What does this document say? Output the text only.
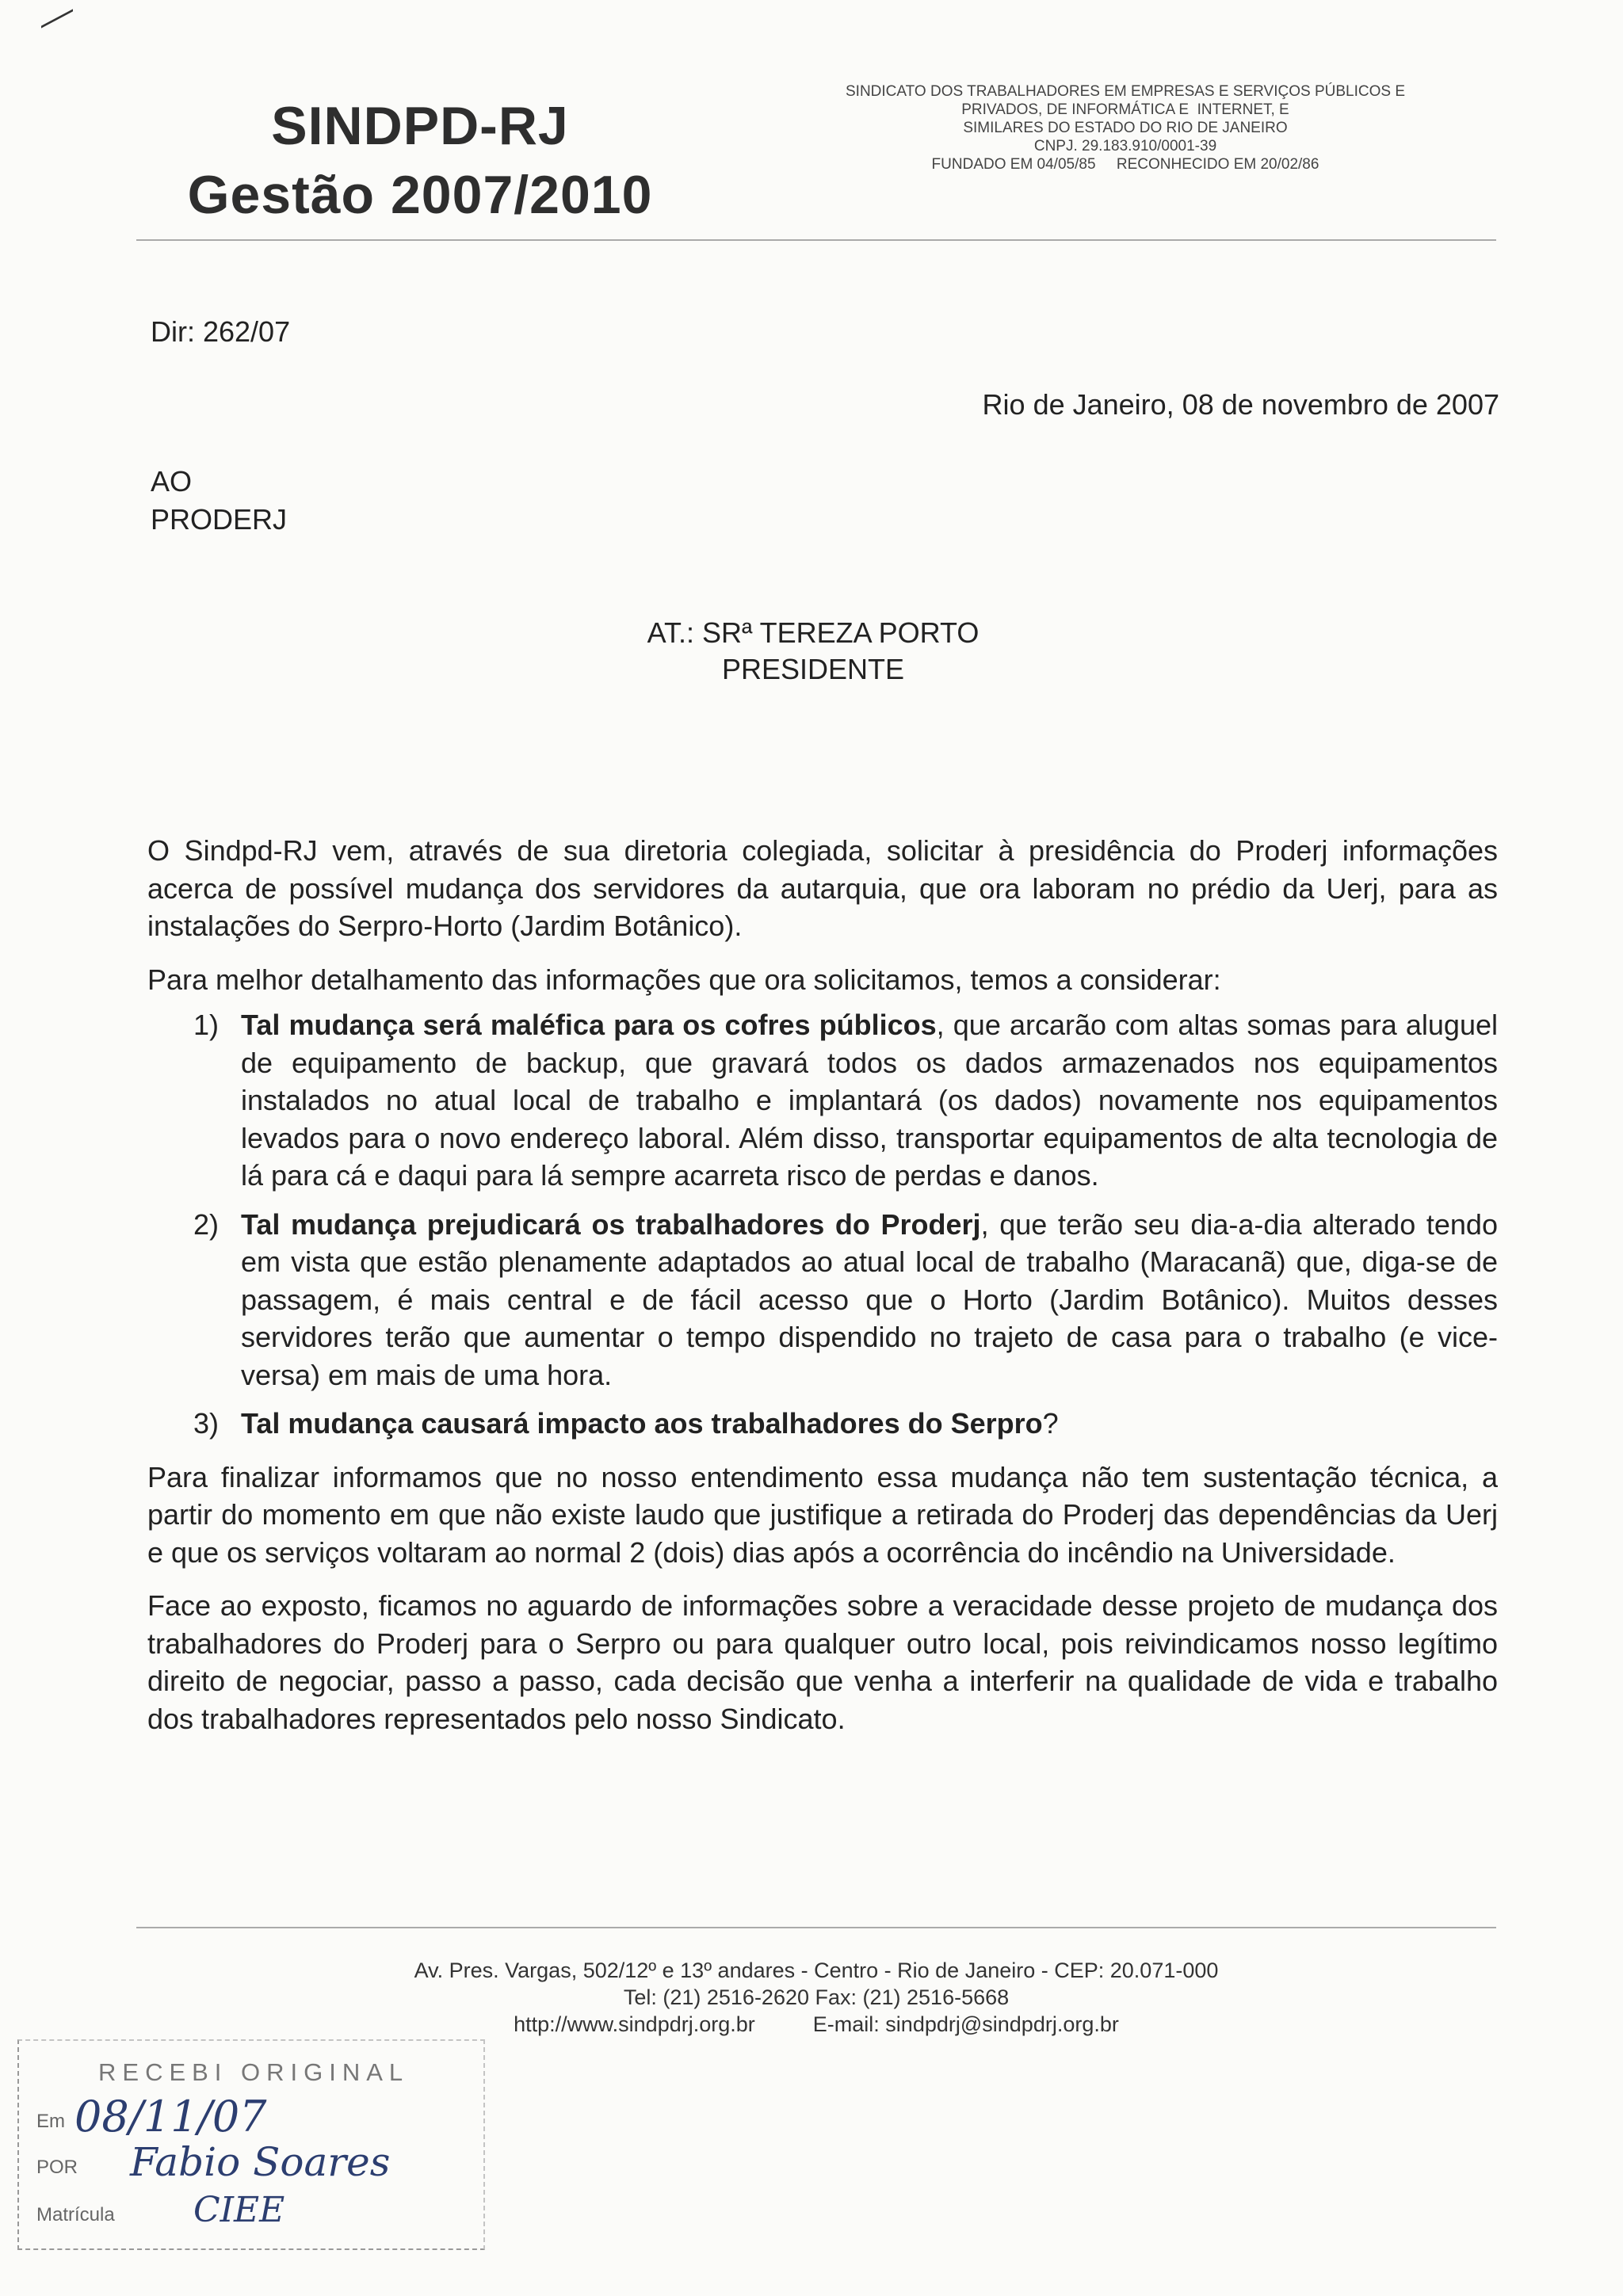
SINDPD-RJ
Gestão 2007/2010
SINDICATO DOS TRABALHADORES EM EMPRESAS E SERVIÇOS PÚBLICOS E
PRIVADOS, DE INFORMÁTICA E  INTERNET, E
SIMILARES DO ESTADO DO RIO DE JANEIRO
CNPJ. 29.183.910/0001-39
FUNDADO EM 04/05/85     RECONHECIDO EM 20/02/86
Dir: 262/07
Rio de Janeiro, 08 de novembro de 2007
AO
PRODERJ
AT.: SRª TEREZA PORTO
PRESIDENTE

O Sindpd-RJ vem, através de sua diretoria colegiada, solicitar à presidência do Proderj informações acerca de possível mudança dos servidores da autarquia, que ora laboram no prédio da Uerj, para as instalações do Serpro-Horto (Jardim Botânico).

Para melhor detalhamento das informações que ora solicitamos, temos a considerar:

1) Tal mudança será maléfica para os cofres públicos, que arcarão com altas somas para aluguel de equipamento de backup, que gravará todos os dados armazenados nos equipamentos instalados no atual local de trabalho e implantará (os dados) novamente nos equipamentos levados para o novo endereço laboral. Além disso, transportar equipamentos de alta tecnologia de lá para cá e daqui para lá sempre acarreta risco de perdas e danos.
2) Tal mudança prejudicará os trabalhadores do Proderj, que terão seu dia-a-dia alterado tendo em vista que estão plenamente adaptados ao atual local de trabalho (Maracanã) que, diga-se de passagem, é mais central e de fácil acesso que o Horto (Jardim Botânico). Muitos desses servidores terão que aumentar o tempo dispendido no trajeto de casa para o trabalho (e vice-versa) em mais de uma hora.
3) Tal mudança causará impacto aos trabalhadores do Serpro?

Para finalizar informamos que no nosso entendimento essa mudança não tem sustentação técnica, a partir do momento em que não existe laudo que justifique a retirada do Proderj das dependências da Uerj e que os serviços voltaram ao normal 2 (dois) dias após a ocorrência do incêndio na Universidade.

Face ao exposto, ficamos no aguardo de informações sobre a veracidade desse projeto de mudança dos trabalhadores do Proderj para o Serpro ou para qualquer outro local, pois reivindicamos nosso legítimo direito de negociar, passo a passo, cada decisão que venha a interferir na qualidade de vida e trabalho dos trabalhadores representados pelo nosso Sindicato.

Av. Pres. Vargas, 502/12º e 13º andares - Centro - Rio de Janeiro - CEP: 20.071-000
Tel: (21) 2516-2620 Fax: (21) 2516-5668
http://www.sindpdrj.org.br	E-mail: sindpdrj@sindpdrj.org.br
RECEBI ORIGINAL
Em 08/11/07
POR Fabio Soares
Matrícula CIEE
